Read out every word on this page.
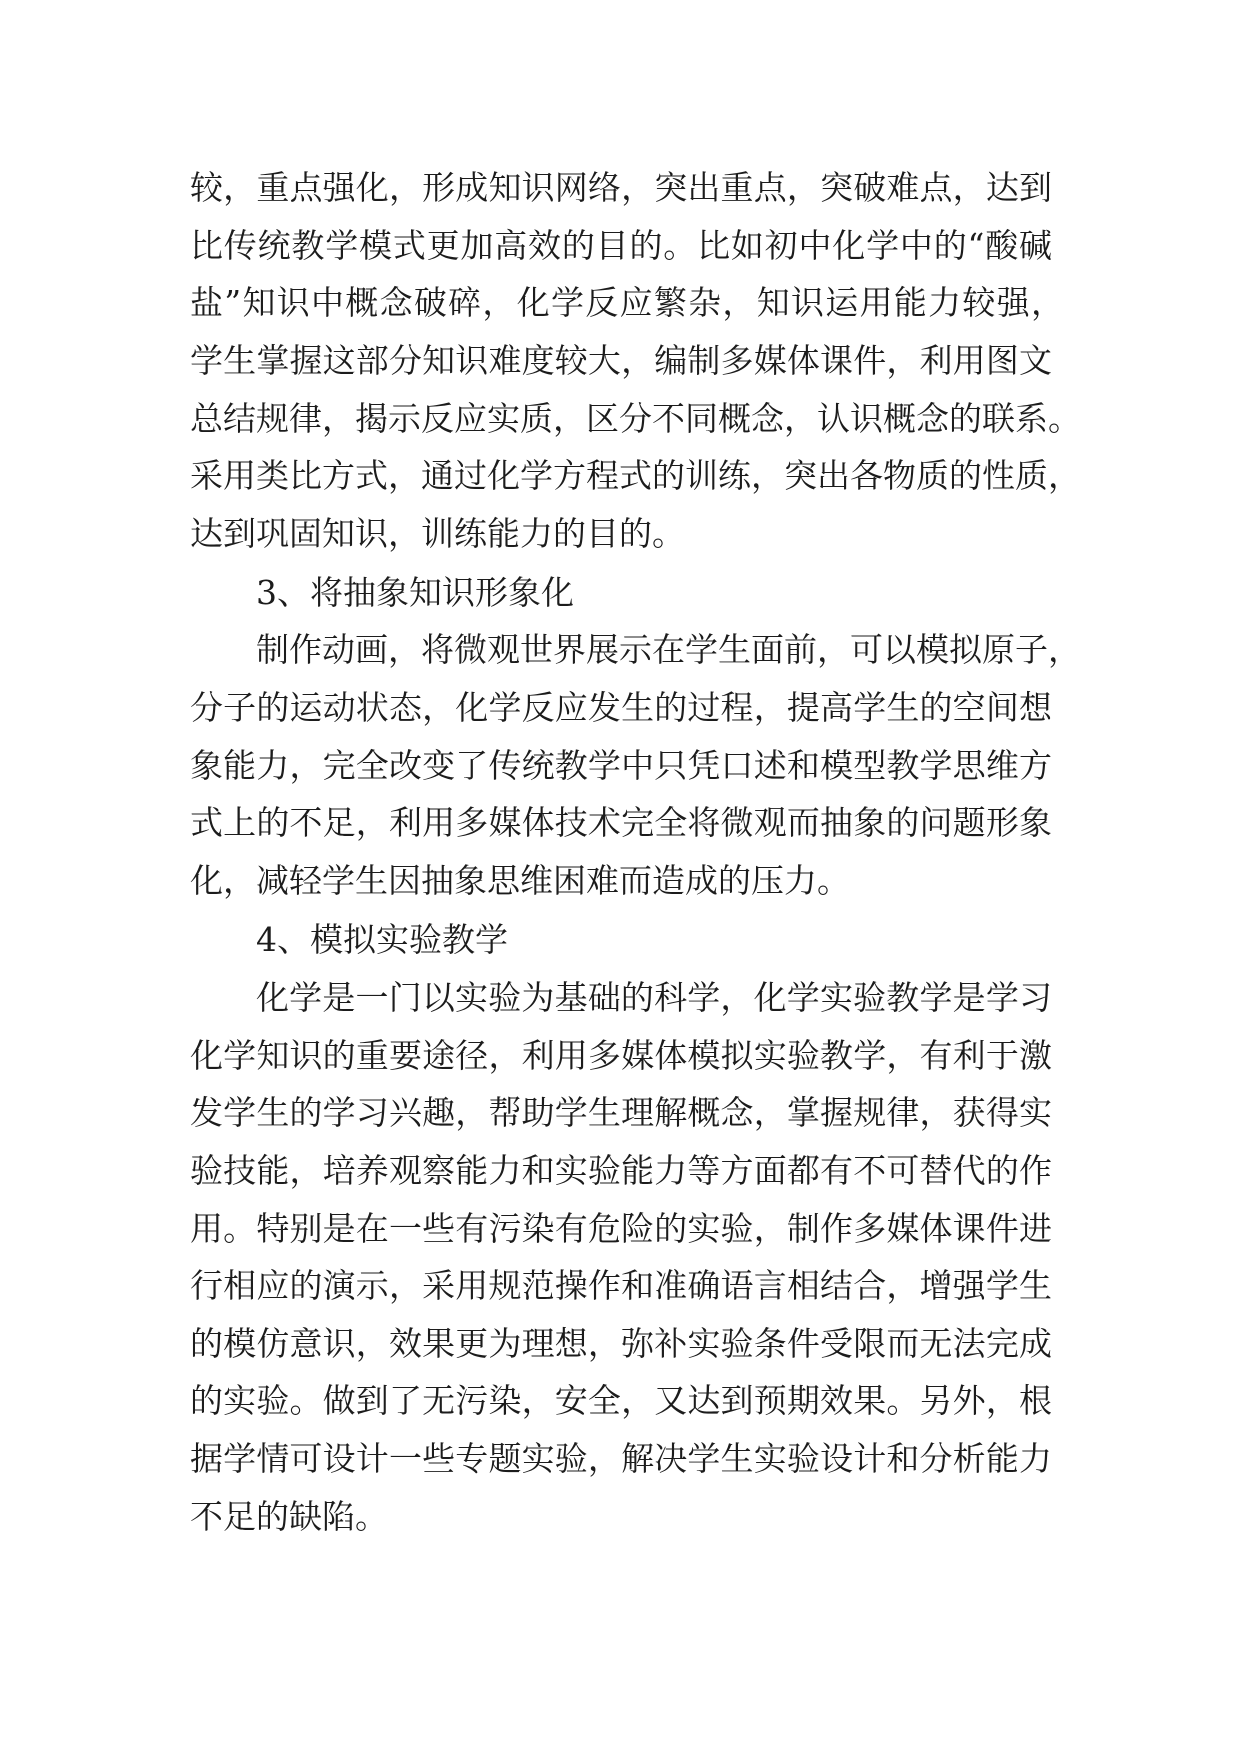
较，重点强化，形成知识网络，突出重点，突破难点，达到
比传统教学模式更加高效的目的。比如初中化学中的“酸碱
盐”知识中概念破碎，化学反应繁杂，知识运用能力较强，
学生掌握这部分知识难度较大，编制多媒体课件，利用图文
总结规律，揭示反应实质，区分不同概念，认识概念的联系。
采用类比方式，通过化学方程式的训练，突出各物质的性质，
达到巩固知识，训练能力的目的。
3、将抽象知识形象化
制作动画，将微观世界展示在学生面前，可以模拟原子，
分子的运动状态，化学反应发生的过程，提高学生的空间想
象能力，完全改变了传统教学中只凭口述和模型教学思维方
式上的不足，利用多媒体技术完全将微观而抽象的问题形象
化，减轻学生因抽象思维困难而造成的压力。
4、模拟实验教学
化学是一门以实验为基础的科学，化学实验教学是学习
化学知识的重要途径，利用多媒体模拟实验教学，有利于激
发学生的学习兴趣，帮助学生理解概念，掌握规律，获得实
验技能，培养观察能力和实验能力等方面都有不可替代的作
用。特别是在一些有污染有危险的实验，制作多媒体课件进
行相应的演示，采用规范操作和准确语言相结合，增强学生
的模仿意识，效果更为理想，弥补实验条件受限而无法完成
的实验。做到了无污染，安全，又达到预期效果。另外，根
据学情可设计一些专题实验，解决学生实验设计和分析能力
不足的缺陷。
